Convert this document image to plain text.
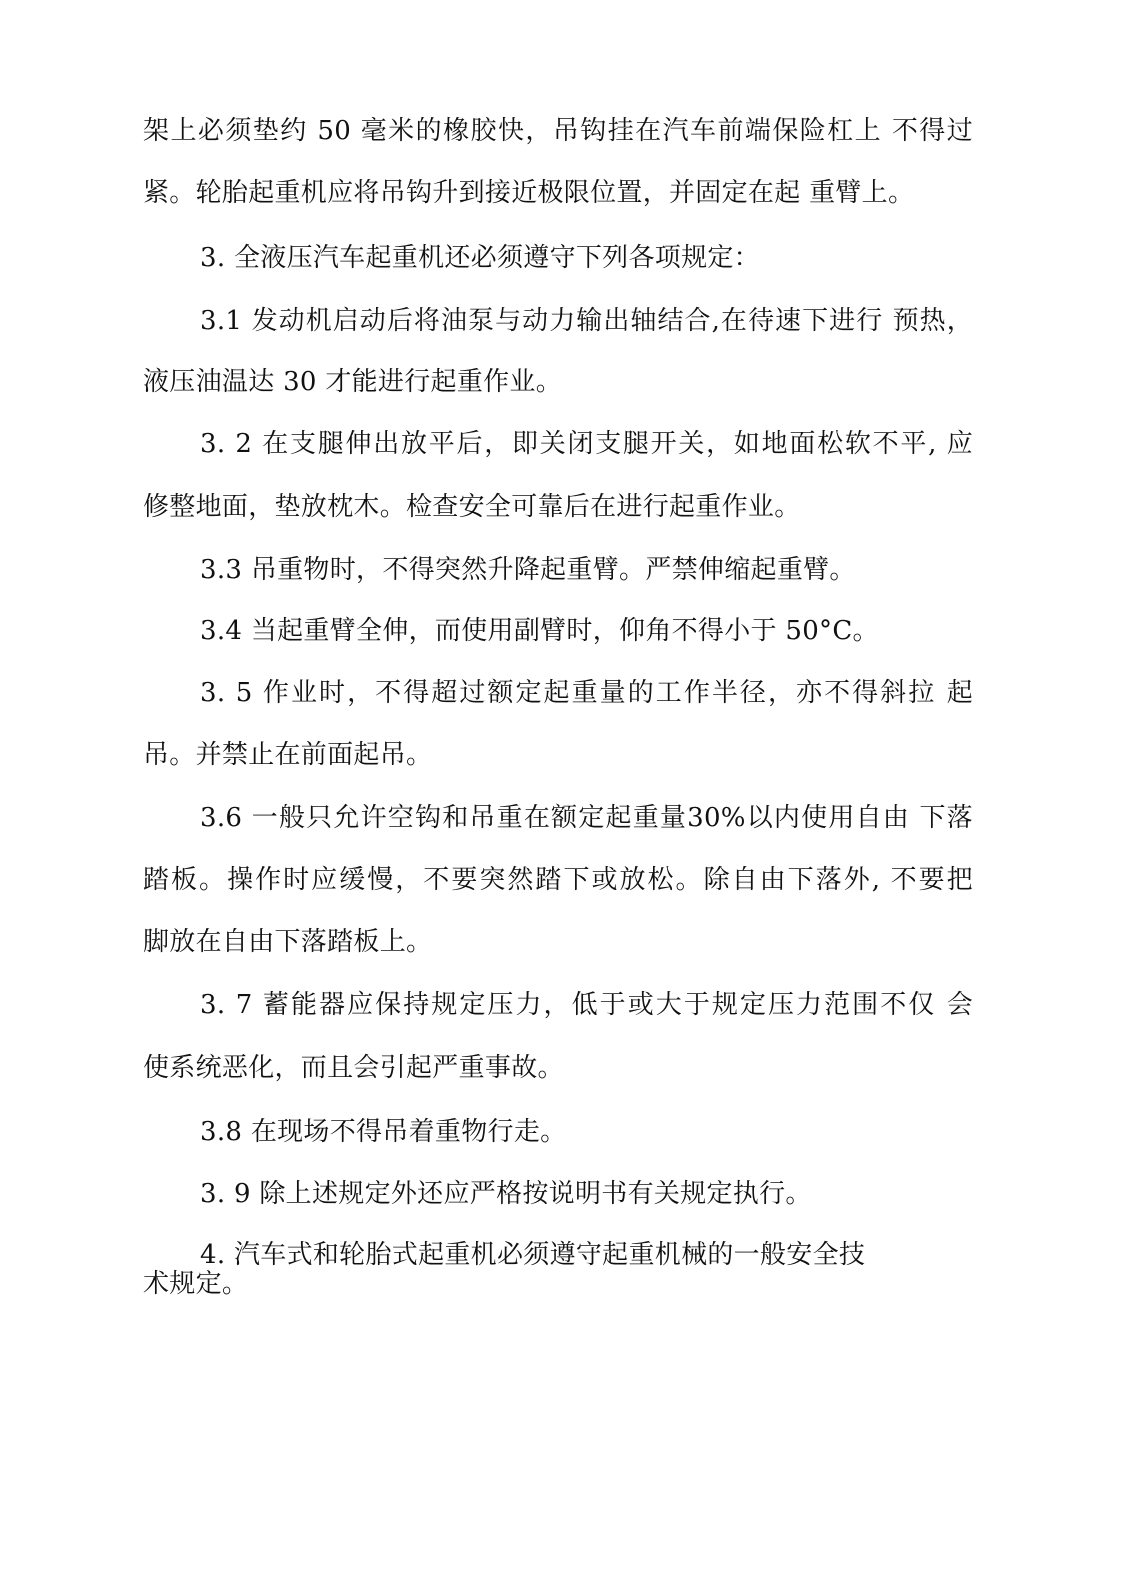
架上必须垫约 50 毫米的橡胶快，吊钩挂在汽车前端保险杠上 不得过
紧。轮胎起重机应将吊钩升到接近极限位置，并固定在起 重臂上。
3. 全液压汽车起重机还必须遵守下列各项规定：
3.1 发动机启动后将油泵与动力输出轴结合,在待速下进行 预热，
液压油温达 30 才能进行起重作业。
3. 2 在支腿伸出放平后，即关闭支腿开关，如地面松软不平, 应
修整地面，垫放枕木。检查安全可靠后在进行起重作业。
3.3 吊重物时，不得突然升降起重臂。严禁伸缩起重臂。
3.4 当起重臂全伸，而使用副臂时，仰角不得小于 50°C。
3. 5 作业时，不得超过额定起重量的工作半径，亦不得斜拉 起
吊。并禁止在前面起吊。
3.6 一般只允许空钩和吊重在额定起重量30%以内使用自由 下落
踏板。操作时应缓慢，不要突然踏下或放松。除自由下落外, 不要把
脚放在自由下落踏板上。
3. 7 蓄能器应保持规定压力，低于或大于规定压力范围不仅 会
使系统恶化，而且会引起严重事故。
3.8 在现场不得吊着重物行走。
3. 9 除上述规定外还应严格按说明书有关规定执行。
4. 汽车式和轮胎式起重机必须遵守起重机械的一般安全技
术规定。
